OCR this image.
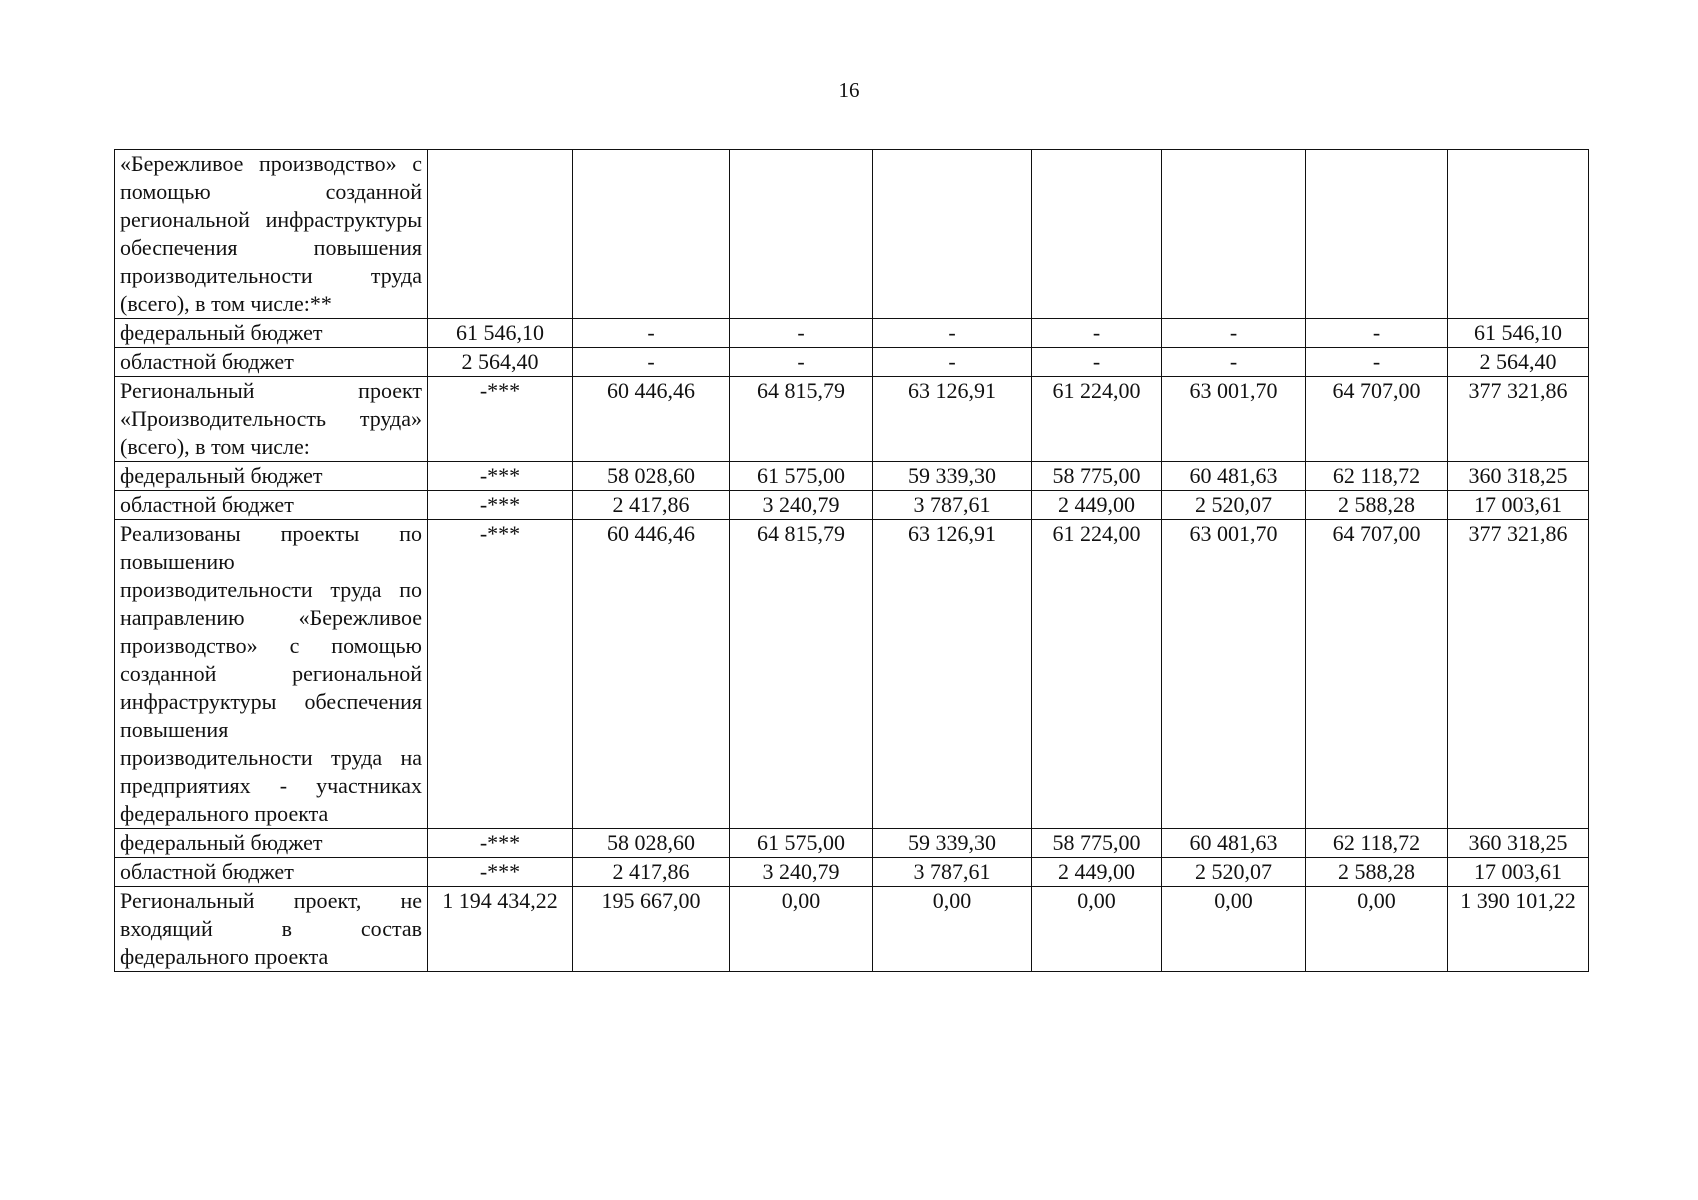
16
«Бережливое производство» с помощью созданной региональной инфраструктуры обеспечения повышения производительности труда (всего), в том числе:**								
федеральный бюджет	61 546,10	-	-	-	-	-	-	61 546,10
областной бюджет	2 564,40	-	-	-	-	-	-	2 564,40
Региональный проект «Производительность труда» (всего), в том числе:	-***	60 446,46	64 815,79	63 126,91	61 224,00	63 001,70	64 707,00	377 321,86
федеральный бюджет	-***	58 028,60	61 575,00	59 339,30	58 775,00	60 481,63	62 118,72	360 318,25
областной бюджет	-***	2 417,86	3 240,79	3 787,61	2 449,00	2 520,07	2 588,28	17 003,61
Реализованы проекты по повышению производительности труда по направлению «Бережливое производство» с помощью созданной региональной инфраструктуры обеспечения повышения производительности труда на предприятиях - участниках федерального проекта	-***	60 446,46	64 815,79	63 126,91	61 224,00	63 001,70	64 707,00	377 321,86
федеральный бюджет	-***	58 028,60	61 575,00	59 339,30	58 775,00	60 481,63	62 118,72	360 318,25
областной бюджет	-***	2 417,86	3 240,79	3 787,61	2 449,00	2 520,07	2 588,28	17 003,61
Региональный проект, не входящий в состав федерального проекта	1 194 434,22	195 667,00	0,00	0,00	0,00	0,00	0,00	1 390 101,22
